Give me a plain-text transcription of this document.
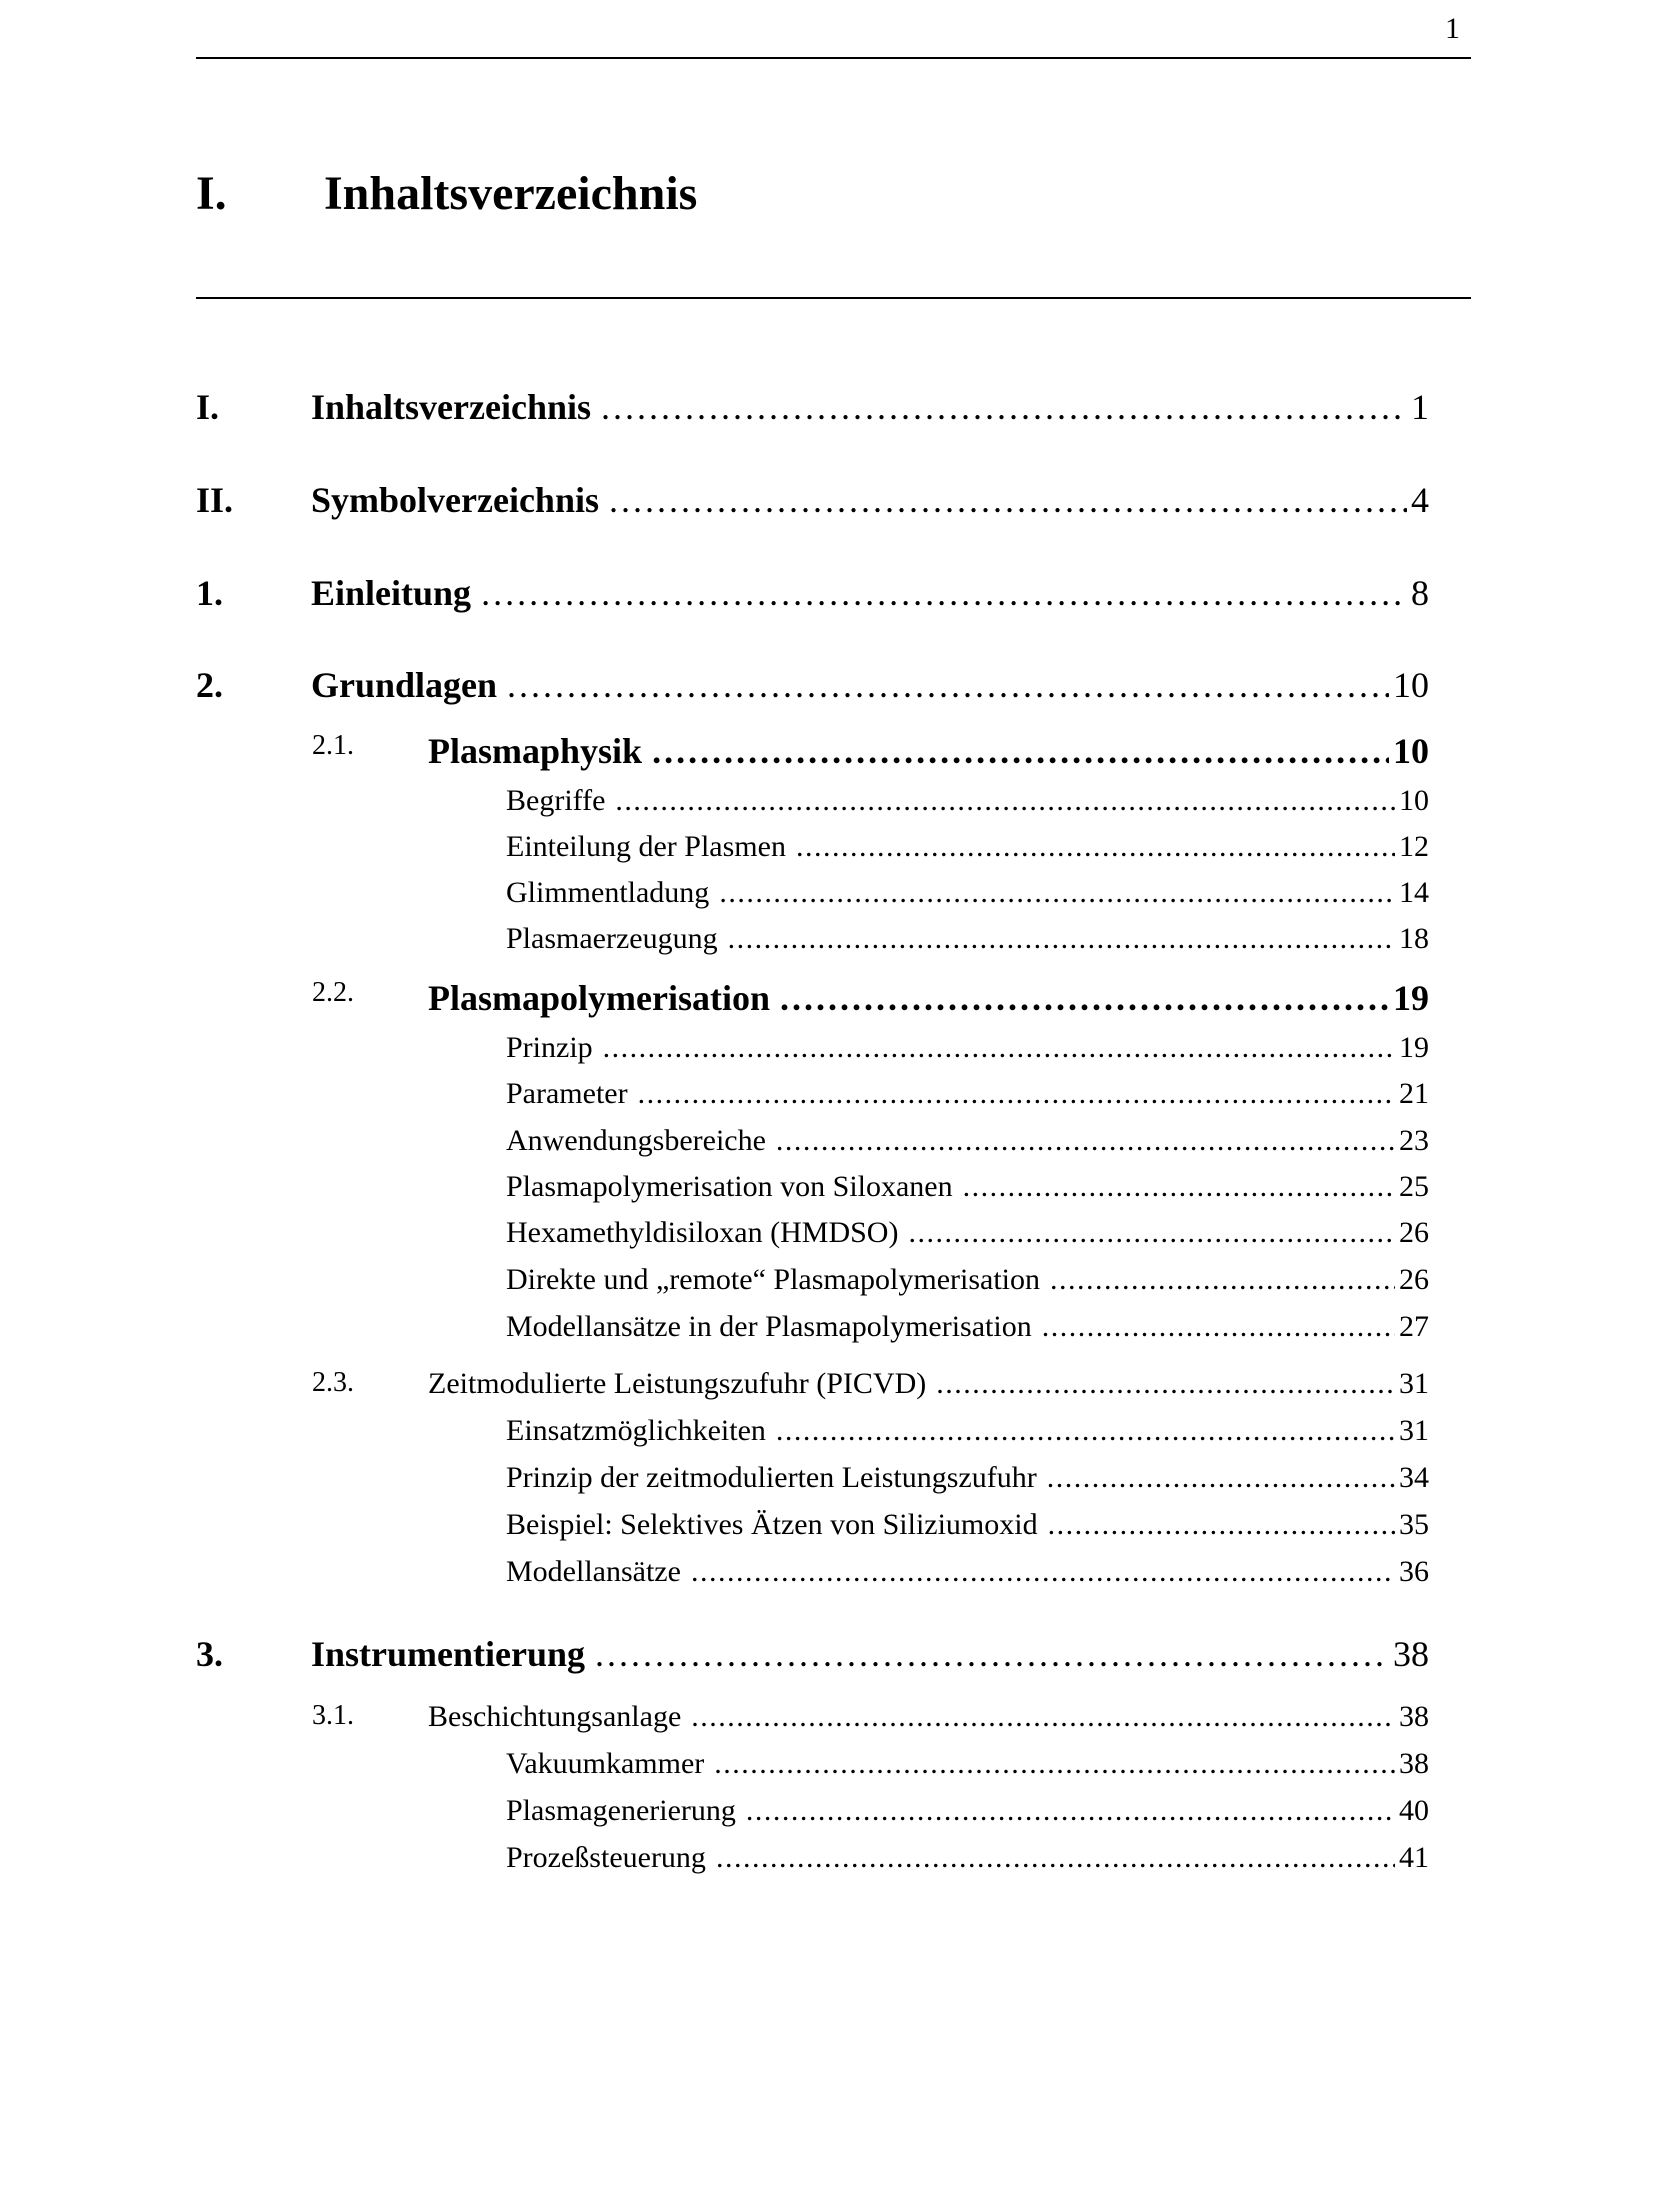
1
I. Inhaltsverzeichnis
I.	Inhaltsverzeichnis . . .	1
II. Symbolverzeichnis . . .	4
1. Einleitung . . .	8
2. Grundlagen . . .	10
2.1. Plasmaphysik . . .	10
Begriffe . . .	10
Einteilung der Plasmen . . .	12
Glimmentladung . . .	14
Plasmaerzeugung . . .	18
2.2. Plasmapolymerisation . . .	19
Prinzip . . .	19
Parameter . . .	21
Anwendungsbereiche . . .	23
Plasmapolymerisation von Siloxanen . . .	25
Hexamethyldisiloxan (HMDSO) . . .	26
Direkte und „remote“ Plasmapolymerisation . . .	26
Modellansätze in der Plasmapolymerisation . . .	27
2.3. Zeitmodulierte Leistungszufuhr (PICVD) . . .	31
Einsatzmöglichkeiten . . .	31
Prinzip der zeitmodulierten Leistungszufuhr . . .	34
Beispiel: Selektives Ätzen von Siliziumoxid . . .	35
Modellansätze . . .	36
3. Instrumentierung . . .	38
3.1. Beschichtungsanlage . . .	38
Vakuumkammer . . .	38
Plasmagenerierung . . .	40
Prozeßsteuerung . . .	41
